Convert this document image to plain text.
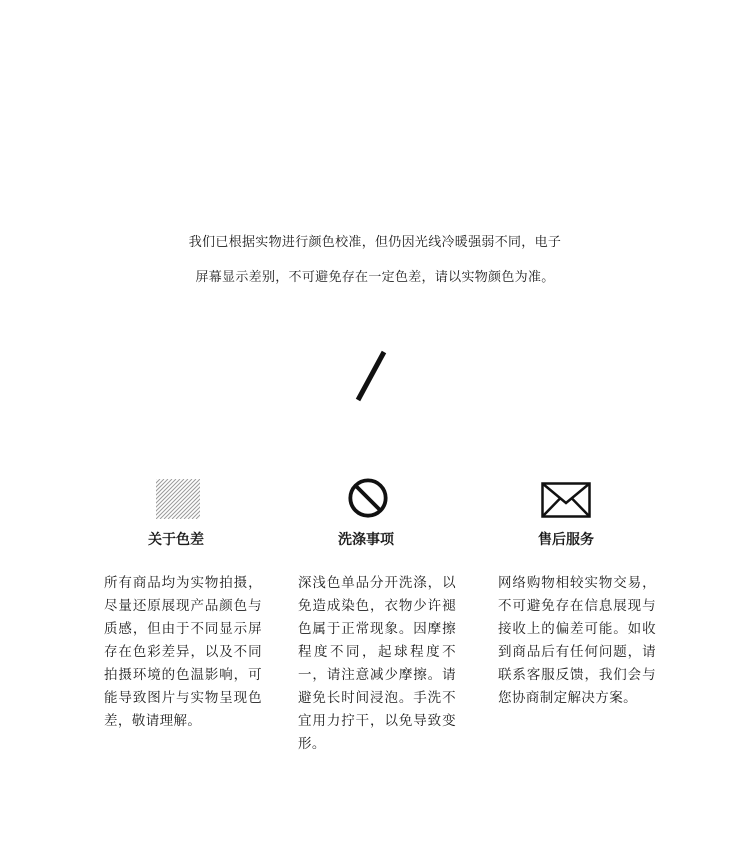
我们已根据实物进行颜色校准，但仍因光线冷暖强弱不同，电子

屏幕显示差别，不可避免存在一定色差，请以实物颜色为准。

关于色差
所有商品均为实物拍摄，尽量还原展现产品颜色与质感，但由于不同显示屏存在色彩差异，以及不同拍摄环境的色温影响，可能导致图片与实物呈现色差，敬请理解。
洗涤事项
深浅色单品分开洗涤，以免造成染色，衣物少许褪色属于正常现象。因摩擦程度不同，起球程度不一，请注意减少摩擦。请避免长时间浸泡。手洗不宜用力拧干，以免导致变形。
售后服务
网络购物相较实物交易，不可避免存在信息展现与接收上的偏差可能。如收到商品后有任何问题，请联系客服反馈，我们会与您协商制定解决方案。
